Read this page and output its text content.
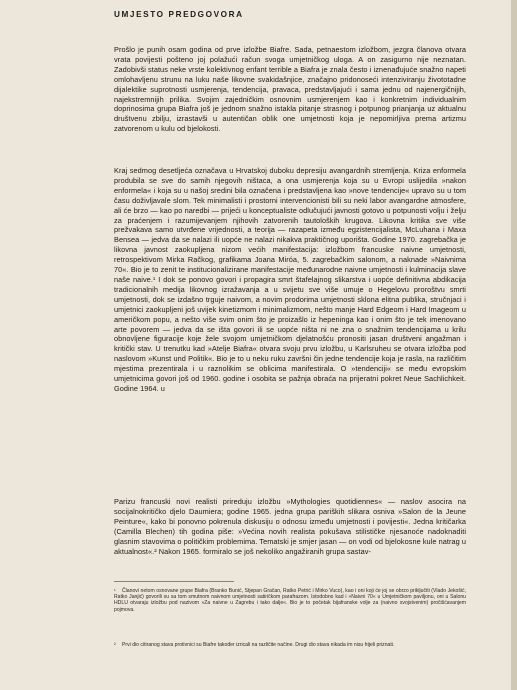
UMJESTO PREDGOVORA

Prošlo je punih osam godina od prve izložbe Biafre. Sada, petnaestom izložbom, jezgra članova otvara vrata povijesti pošteno joj polažući račun svoga umjetničkog uloga. A on zasigurno nije neznatan. Zadobivši status neke vrste kolektivnog enfant terrible a Biafra je znala često i iznenađujuće snažno napeti omlohavljenu strunu na luku naše likovne svakidašnjice, značajno pridonoseći intenziviranju živototadne dijalektike suprotnosti usmjerenja, tendencija, pravaca, predstavljajući i sama jednu od najenergičnijih, najekstremnijih prilika. Svojim zajedničkim osnovnim usmjerenjem kao i konkretnim individualnim doprinosima grupa Biafra još je jednom snažno istakla pitanje strasnog i potpunog prianjanja uz aktualnu društvenu zbilju, izrastavši u autentičan oblik one umjetnosti koja je nepomirljiva prema artizmu zatvorenom u kulu od bjelokosti.

Kraj sedmog desetljeća označava u Hrvatskoj duboku depresiju avangardnih stremljenja. Kriza enformela produbila se sve do samih njegovih ništaca, a ona usmjerenja koja su u Evropi uslijedila »nakon enformela« i koja su u našoj sredini bila označena i predstavljena kao »nove tendencije« upravo su u tom času doživljavale slom. Tek minimalisti i prostorni intervencionisti bili su neki labor avangardne atmosfere, ali će brzo — kao po naredbi — prijeći u konceptualiste odlučujući javnosti gotovo u potpunosti volju i želju za praćenjem i razumijevanjem njihovih zatvorenih tautoloških krugova. Likovna kritika sve više prežvakava samo utvrđene vrijednosti, a teorija — razapeta između egzistencijalista, McLuhana i Maxa Bensea — jedva da se nalazi ili uopće ne nalazi nikakva praktičnog uporišta. Godine 1970. zagrebačka je likovna javnost zaokupljena nizom većih manifestacija: izložbom francuske naivne umjetnosti, retrospektivom Mirka Račkog, grafikama Joana Miróa, 5. zagrebačkim salonom, a naknade »Naivnima 70«. Bio je to zenit te institucionalizirane manifestacije međunarodne naivne umjetnosti i kulminacija slave naše naive.¹ I dok se ponovo govori i propagira smrt štafelajnog slikarstva i uopće definitivna abdikacija tradicionalnih medija likovnog izražavanja a u svijetu sve više umuje o Hegelovu proroštvu smrti umjetnosti, dok se izdašno trguje naivom, a novim prodorima umjetnosti sklona elitna publika, stručnjaci i umjetnici zaokupljeni još uvijek kinetizmom i minimalizmom, nešto manje Hard Edgeom i Hard Imageom u američkom popu, a nešto više svim onim što je proizašlo iz hepeninga kao i onim što je tek imenovano arte povorem — jedva da se išta govori ili se uopće ništa ni ne zna o snažnim tendencijama u krilu obnovljene figuracije koje žele svojom umjetničkom djelatnošću pronositi jasan društveni angažman i kritički stav. U trenutku kad »Atelje Biafra« otvara svoju prvu izložbu, u Karlsruheu se otvara izložba pod naslovom »Kunst und Politik«. Bio je to u neku ruku završni čin jedne tendencije koja je rasla, na različitim mjestima prezentirala i u raznolikim se oblicima manifestirala. O »tendenciji« se među evropskim umjetnicima govori još od 1960. godine i osobita se pažnja obraća na prijeratni pokret Neue Sachlichkeit. Godine 1964. u

Parizu francuski novi realisti prireduju izložbu »Mythologies quotidiennes« — naslov asocira na socijalnokritičko djelo Daumiera; godine 1965. jedna grupa pariških slikara osniva »Salon de la Jeune Peinture«, kako bi ponovno pokrenula diskusiju o odnosu između umjetnosti i povijesti«. Jedna kritičarka (Camilla Blechen) tih godina piše: »Većina novih realista pokušava stilističke njesanoće nadoknaditi glasnim stavovima o političkim problemima. Tematski je smjer jasan — on vodi od bjelokosne kule natrag u aktualnost«.² Nakon 1965. formiralo se još nekoliko angažiranih grupa sastav-

¹ Članovi netom osnovane grupe Biafra (Branko Bunić, Stjepan Gračan, Ratko Petrić i Mirko Vuco), kao i oni koji će joj se obrzo priključiti (Vlado Jekošić, Ratko Janjić) govorili su sa tom smutnom naivnom umjetnosti satiričkom parafrazom. Istodobno kad i »Naivni 70« u Umjetničkom paviljonu, oni u Salonu HDLU otvaraju izložbu pod nazivom »Za naivne u Zagrebu i tako dalje«. Bio je to početak bijafranske volje za (naivno svojstvenim) pročišćavanjem pojmova.

² Prvi dio citiranog stava protivnici su Biafre također izricali na različite načine. Drugi dio stava nikada im nisu htjeli priznati.
